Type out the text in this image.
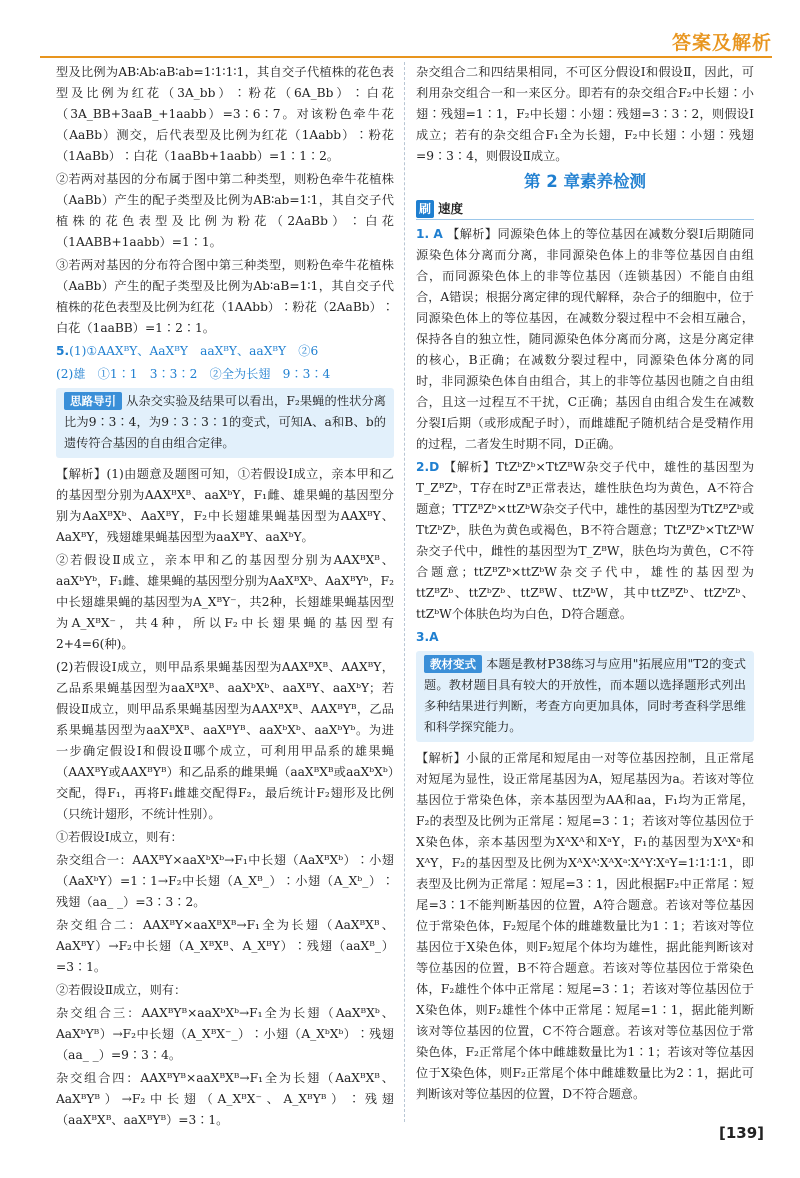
答案及解析

型及比例为AB∶Ab∶aB∶ab=1∶1∶1∶1，其自交子代植株的花色表型及比例为红花（3A_bb）∶粉花（6A_Bb）∶白花（3A_BB+3aaB_+1aabb）=3∶6∶7。对该粉色牵牛花（AaBb）测交，后代表型及比例为红花（1Aabb）∶粉花（1AaBb）∶白花（1aaBb+1aabb）=1∶1∶2。

②若两对基因的分布属于图中第二种类型，则粉色牵牛花植株（AaBb）产生的配子类型及比例为AB∶ab=1∶1，其自交子代植株的花色表型及比例为粉花（2AaBb）∶白花（1AABB+1aabb）=1∶1。

③若两对基因的分布符合图中第三种类型，则粉色牵牛花植株（AaBb）产生的配子类型及比例为Ab∶aB=1∶1，其自交子代植株的花色表型及比例为红花（1AAbb）∶粉花（2AaBb）∶白花（1aaBB）=1∶2∶1。

5.(1)①AAXᴮY、AaXᴮY　aaXᴮY、aaXᴮY　②6

(2)雄　①1∶1　3∶3∶2　②全为长翅　9∶3∶4

思路导引 从杂交实验及结果可以看出，F₂果蝇的性状分离比为9∶3∶4，为9∶3∶3∶1的变式，可知A、a和B、b的遗传符合基因的自由组合定律。

【解析】(1)由题意及题图可知，①若假设Ⅰ成立，亲本甲和乙的基因型分别为AAXᴮXᴮ、aaXᵇY，F₁雌、雄果蝇的基因型分别为AaXᴮXᵇ、AaXᴮY，F₂中长翅雄果蝇基因型为AAXᴮY、AaXᴮY，残翅雄果蝇基因型为aaXᴮY、aaXᵇY。

②若假设Ⅱ成立，亲本甲和乙的基因型分别为AAXᴮXᴮ、aaXᵇYᵇ，F₁雌、雄果蝇的基因型分别为AaXᴮXᵇ、AaXᴮYᵇ，F₂中长翅雄果蝇的基因型为A_XᴮY⁻，共2种，长翅雄果蝇基因型为A_XᴮX⁻，共4种，所以F₂中长翅果蝇的基因型有2+4=6(种)。

(2)若假设Ⅰ成立，则甲品系果蝇基因型为AAXᴮXᴮ、AAXᴮY，乙品系果蝇基因型为aaXᴮXᴮ、aaXᵇXᵇ、aaXᴮY、aaXᵇY；若假设Ⅱ成立，则甲品系果蝇基因型为AAXᴮXᴮ、AAXᴮYᴮ，乙品系果蝇基因型为aaXᴮXᴮ、aaXᴮYᴮ、aaXᵇXᵇ、aaXᵇYᵇ。为进一步确定假设Ⅰ和假设Ⅱ哪个成立，可利用甲品系的雄果蝇（AAXᴮY或AAXᴮYᴮ）和乙品系的雌果蝇（aaXᴮXᴮ或aaXᵇXᵇ）交配，得F₁，再将F₁雌雄交配得F₂，最后统计F₂翅形及比例（只统计翅形，不统计性别）。

①若假设Ⅰ成立，则有：

杂交组合一：AAXᴮY×aaXᵇXᵇ→F₁中长翅（AaXᴮXᵇ）∶小翅（AaXᵇY）=1∶1→F₂中长翅（A_Xᴮ_）∶小翅（A_Xᵇ_）∶残翅（aa_ _）=3∶3∶2。

杂交组合二：AAXᴮY×aaXᴮXᴮ→F₁全为长翅（AaXᴮXᴮ、AaXᴮY）→F₂中长翅（A_XᴮXᴮ、A_XᴮY）∶残翅（aaXᴮ_）=3∶1。

②若假设Ⅱ成立，则有：

杂交组合三：AAXᴮYᴮ×aaXᵇXᵇ→F₁全为长翅（AaXᴮXᵇ、AaXᵇYᴮ）→F₂中长翅（A_XᴮX⁻_）∶小翅（A_XᵇXᵇ）∶残翅（aa_ _）=9∶3∶4。

杂交组合四：AAXᴮYᴮ×aaXᴮXᴮ→F₁全为长翅（AaXᴮXᴮ、AaXᴮYᴮ）→F₂中长翅（A_XᴮX⁻、A_XᴮYᴮ）∶残翅（aaXᴮXᴮ、aaXᴮYᴮ）=3∶1。

杂交组合二和四结果相同，不可区分假设Ⅰ和假设Ⅱ，因此，可利用杂交组合一和一来区分。即若有的杂交组合F₂中长翅∶小翅∶残翅=1∶1，F₂中长翅∶小翅∶残翅=3∶3∶2，则假设Ⅰ成立；若有的杂交组合F₁全为长翅，F₂中长翅∶小翅∶残翅=9∶3∶4，则假设Ⅱ成立。

第 2 章素养检测
刷 速度

1. A 【解析】同源染色体上的等位基因在减数分裂Ⅰ后期随同源染色体分离而分离，非同源染色体上的非等位基因自由组合，而同源染色体上的非等位基因（连锁基因）不能自由组合，A错误；根据分离定律的现代解释，杂合子的细胞中，位于同源染色体上的等位基因，在减数分裂过程中不会相互融合，保持各自的独立性，随同源染色体分离而分离，这是分离定律的核心，B正确；在减数分裂过程中，同源染色体分离的同时，非同源染色体自由组合，其上的非等位基因也随之自由组合，且这一过程互不干扰，C正确；基因自由组合发生在减数分裂Ⅰ后期（或形成配子时），而雌雄配子随机结合是受精作用的过程，二者发生时期不同，D正确。

2.D 【解析】TtZᵇZᵇ×TtZᴮW杂交子代中，雄性的基因型为T_ZᴮZᵇ，T存在时Zᴮ正常表达，雄性肤色均为黄色，A不符合题意；TTZᴮZᵇ×ttZᵇW杂交子代中，雄性的基因型为TtZᴮZᵇ或TtZᵇZᵇ，肤色为黄色或褐色，B不符合题意；TtZᴮZᵇ×TtZᵇW杂交子代中，雌性的基因型为T_ZᴮW，肤色均为黄色，C不符合题意；ttZᴮZᵇ×ttZᵇW杂交子代中，雄性的基因型为ttZᴮZᵇ、ttZᵇZᵇ、ttZᴮW、ttZᵇW，其中ttZᴮZᵇ、ttZᵇZᵇ、ttZᵇW个体肤色均为白色，D符合题意。

3.A

教材变式 本题是教材P38练习与应用"拓展应用"T2的变式题。教材题目具有较大的开放性，而本题以选择题形式列出多种结果进行判断，考查方向更加具体，同时考查科学思维和科学探究能力。

【解析】小鼠的正常尾和短尾由一对等位基因控制，且正常尾对短尾为显性，设正常尾基因为A，短尾基因为a。若该对等位基因位于常染色体，亲本基因型为AA和aa，F₁均为正常尾，F₂的表型及比例为正常尾∶短尾=3∶1；若该对等位基因位于X染色体，亲本基因型为XᴬXᴬ和XᵃY，F₁的基因型为XᴬXᵃ和XᴬY，F₂的基因型及比例为XᴬXᴬ∶XᴬXᵃ∶XᴬY∶XᵃY=1∶1∶1∶1，即表型及比例为正常尾∶短尾=3∶1，因此根据F₂中正常尾∶短尾=3∶1不能判断基因的位置，A符合题意。若该对等位基因位于常染色体，F₂短尾个体的雌雄数量比为1∶1；若该对等位基因位于X染色体，则F₂短尾个体均为雄性，据此能判断该对等位基因的位置，B不符合题意。若该对等位基因位于常染色体，F₂雄性个体中正常尾∶短尾=3∶1；若该对等位基因位于X染色体，则F₂雄性个体中正常尾∶短尾=1∶1，据此能判断该对等位基因的位置，C不符合题意。若该对等位基因位于常染色体，F₂正常尾个体中雌雄数量比为1∶1；若该对等位基因位于X染色体，则F₂正常尾个体中雌雄数量比为2∶1，据此可判断该对等位基因的位置，D不符合题意。

[139]
